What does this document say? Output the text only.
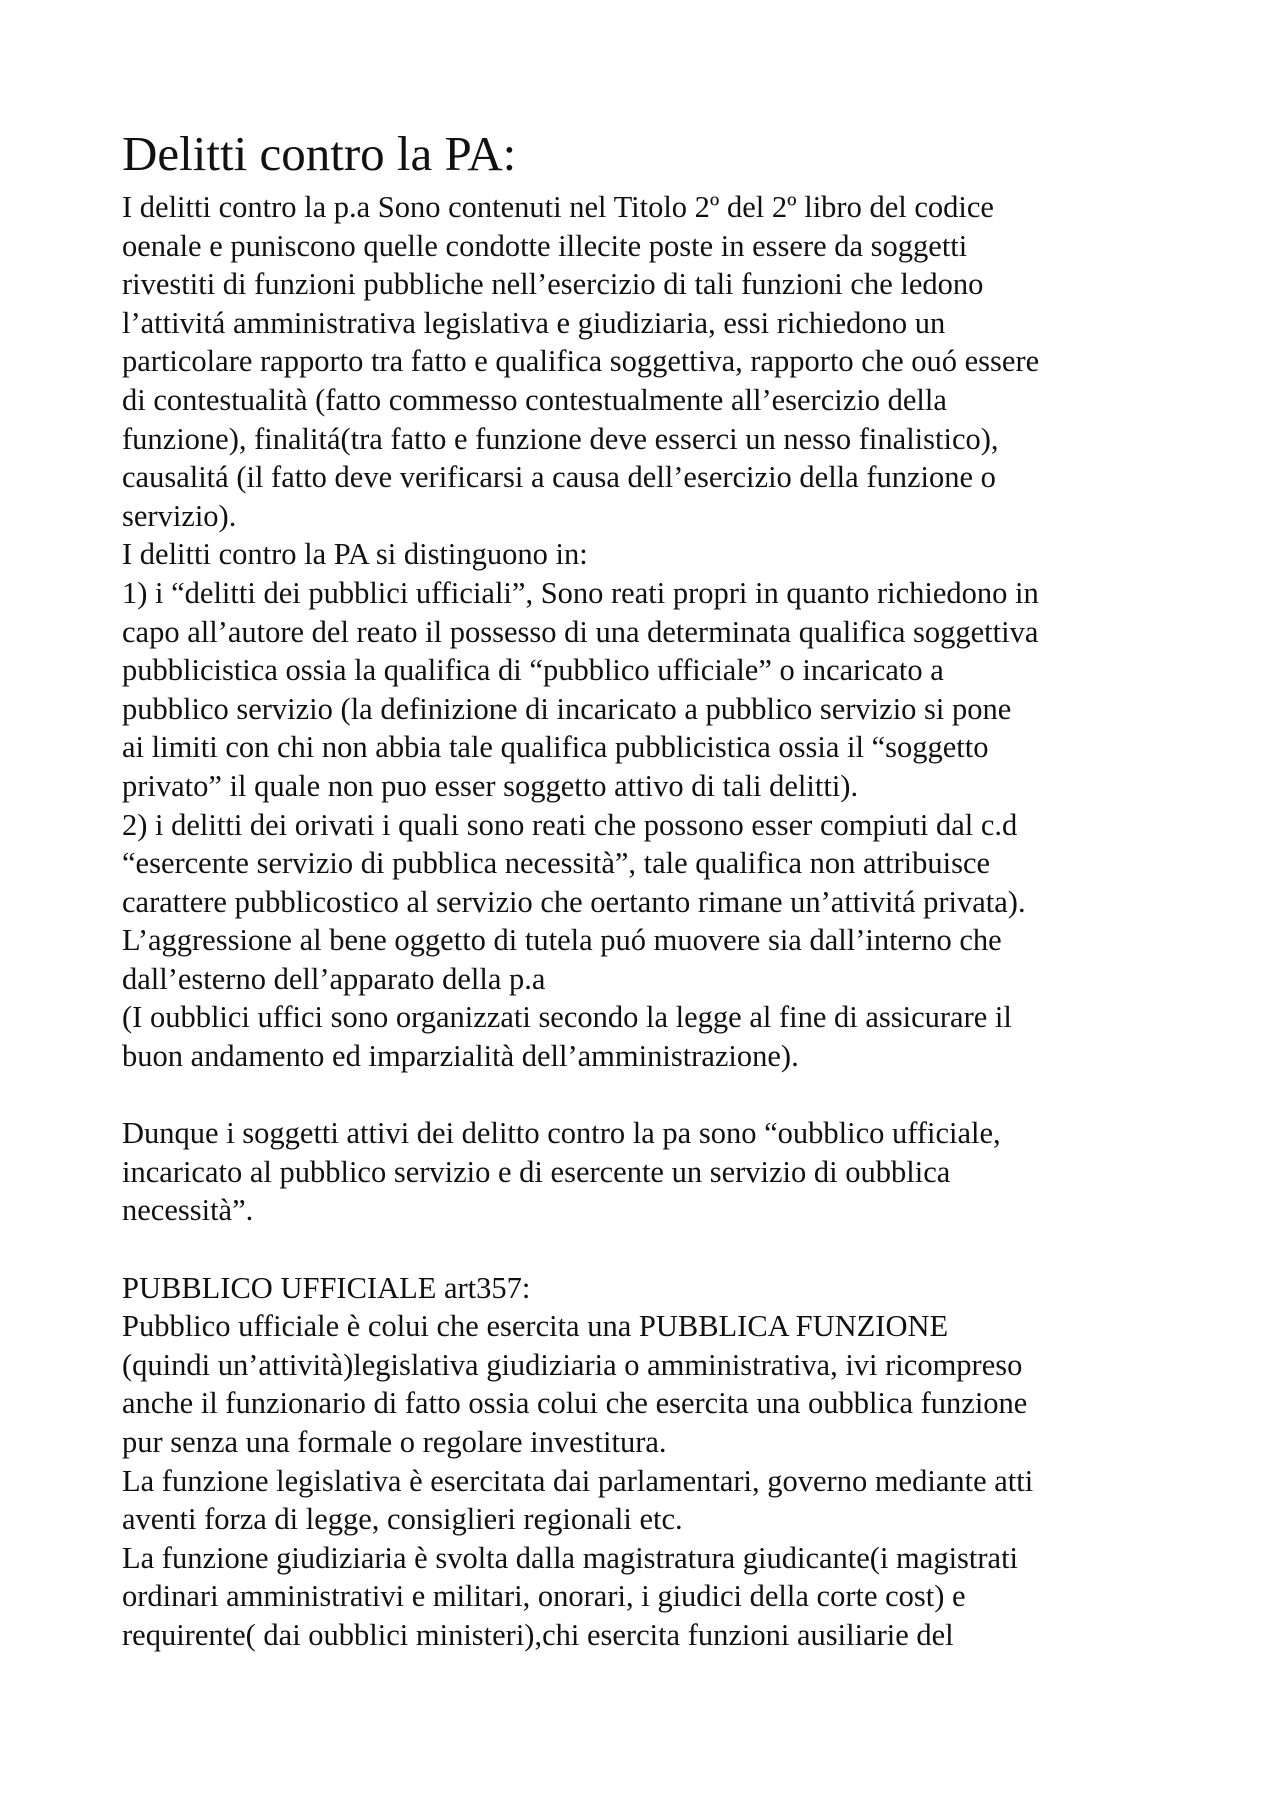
Delitti contro la PA:
I delitti contro la p.a Sono contenuti nel Titolo 2º del 2º libro del codice
oenale e puniscono quelle condotte illecite poste in essere da soggetti
rivestiti di funzioni pubbliche nell’esercizio di tali funzioni che ledono
l’attivitá amministrativa legislativa e giudiziaria, essi richiedono un
particolare rapporto tra fatto e qualifica soggettiva, rapporto che ouó essere
di contestualità (fatto commesso contestualmente all’esercizio della
funzione), finalitá(tra fatto e funzione deve esserci un nesso finalistico),
causalitá (il fatto deve verificarsi a causa dell’esercizio della funzione o
servizio).
I delitti contro la PA si distinguono in:
1) i “delitti dei pubblici ufficiali”, Sono reati propri in quanto richiedono in
capo all’autore del reato il possesso di una determinata qualifica soggettiva
pubblicistica ossia la qualifica di “pubblico ufficiale” o incaricato a
pubblico servizio (la definizione di incaricato a pubblico servizio si pone
ai limiti con chi non abbia tale qualifica pubblicistica ossia il “soggetto
privato” il quale non puo esser soggetto attivo di tali delitti).
2) i delitti dei orivati i quali sono reati che possono esser compiuti dal c.d
“esercente servizio di pubblica necessità”, tale qualifica non attribuisce
carattere pubblicostico al servizio che oertanto rimane un’attivitá privata).
L’aggressione al bene oggetto di tutela puó muovere sia dall’interno che
dall’esterno dell’apparato della p.a
(I oubblici uffici sono organizzati secondo la legge al fine di assicurare il
buon andamento ed imparzialità dell’amministrazione).
Dunque i soggetti attivi dei delitto contro la pa sono “oubblico ufficiale,
incaricato al pubblico servizio e di esercente un servizio di oubblica
necessità”.
PUBBLICO UFFICIALE art357:
Pubblico ufficiale è colui che esercita una PUBBLICA FUNZIONE
(quindi un’attività)legislativa giudiziaria o amministrativa, ivi ricompreso
anche il funzionario di fatto ossia colui che esercita una oubblica funzione
pur senza una formale o regolare investitura.
La funzione legislativa è esercitata dai parlamentari, governo mediante atti
aventi forza di legge, consiglieri regionali etc.
La funzione giudiziaria è svolta dalla magistratura giudicante(i magistrati
ordinari amministrativi e militari, onorari, i giudici della corte cost) e
requirente( dai oubblici ministeri),chi esercita funzioni ausiliarie del
